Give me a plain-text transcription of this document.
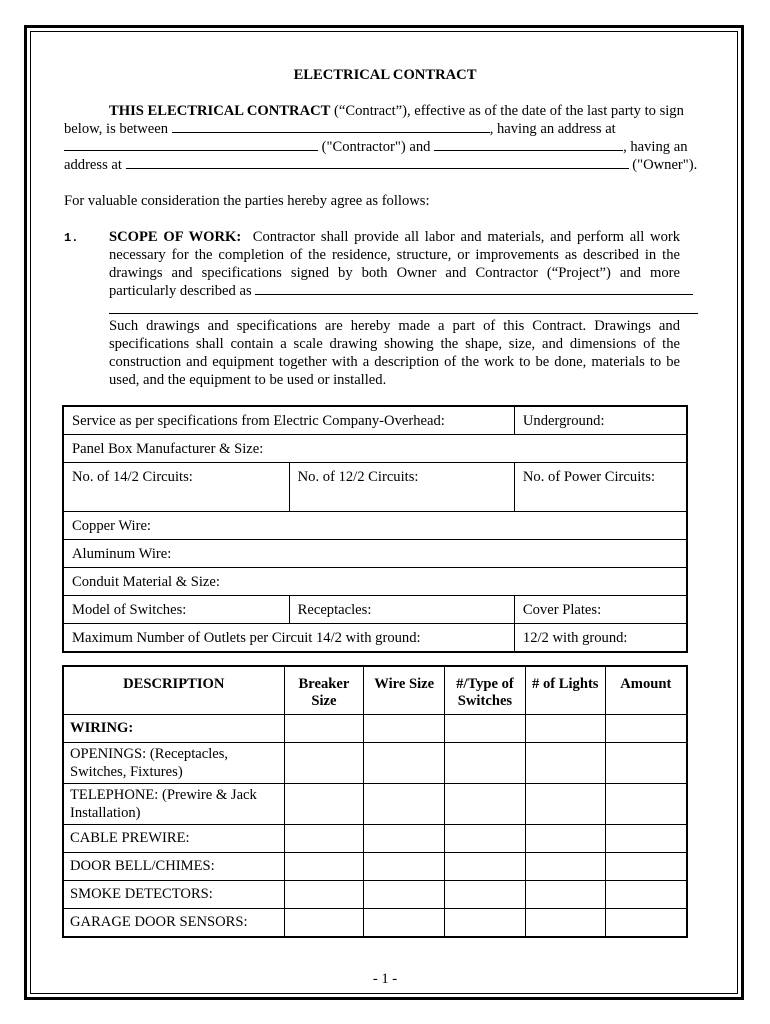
ELECTRICAL CONTRACT
THIS ELECTRICAL CONTRACT (“Contract”), effective as of the date of the last party to sign
below, is between	, having an address at
("Contractor") and	, having an
address at	("Owner").
For valuable consideration the parties hereby agree as follows:
1. SCOPE OF WORK: Contractor shall provide all labor and materials, and perform all work
necessary for the completion of the residence, structure, or improvements as described in the
drawings and specifications signed by both Owner and Contractor (“Project”) and more
particularly described as
Such drawings and specifications are hereby made a part of this Contract. Drawings and
specifications shall contain a scale drawing showing the shape, size, and dimensions of the
construction and equipment together with a description of the work to be done, materials to be
used, and the equipment to be used or installed.
Service as per specifications from Electric Company-Overhead:		Underground:
Panel Box Manufacturer & Size:		
No. of 14/2 Circuits:	No. of 12/2 Circuits:	No. of Power Circuits:
Copper Wire:		
Aluminum Wire:		
Conduit Material & Size:		
Model of Switches:	Receptacles:	Cover Plates:
Maximum Number of Outlets per Circuit 14/2 with ground:		12/2 with ground:
DESCRIPTION	Breaker Size	Wire Size	#/Type of Switches	# of Lights	Amount
WIRING:					
OPENINGS: (Receptacles, Switches, Fixtures)					
TELEPHONE: (Prewire & Jack Installation)					
CABLE PREWIRE:					
DOOR BELL/CHIMES:					
SMOKE DETECTORS:					
GARAGE DOOR SENSORS:					
- 1 -
